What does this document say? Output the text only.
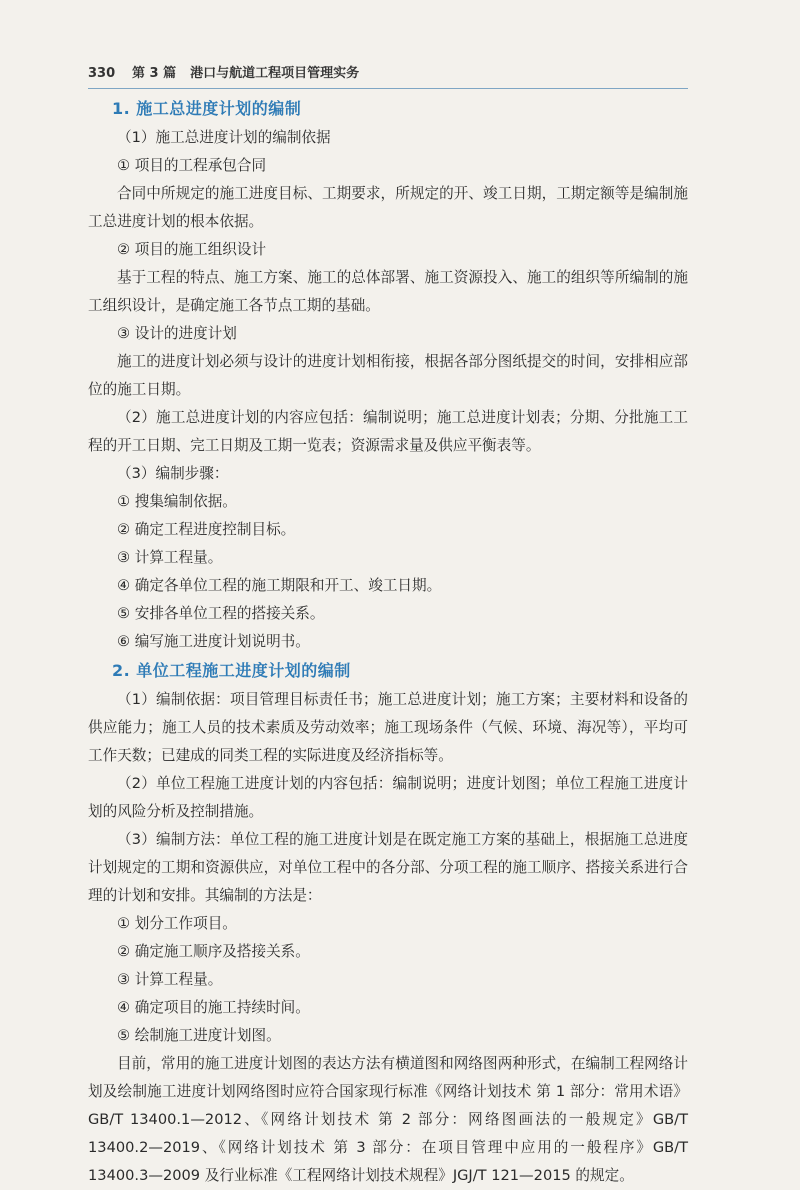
330 第 3 篇 港口与航道工程项目管理实务

1. 施工总进度计划的编制

（1）施工总进度计划的编制依据

① 项目的工程承包合同

合同中所规定的施工进度目标、工期要求，所规定的开、竣工日期，工期定额等是编制施工总进度计划的根本依据。

② 项目的施工组织设计

基于工程的特点、施工方案、施工的总体部署、施工资源投入、施工的组织等所编制的施工组织设计，是确定施工各节点工期的基础。

③ 设计的进度计划

施工的进度计划必须与设计的进度计划相衔接，根据各部分图纸提交的时间，安排相应部位的施工日期。

（2）施工总进度计划的内容应包括：编制说明；施工总进度计划表；分期、分批施工工程的开工日期、完工日期及工期一览表；资源需求量及供应平衡表等。

（3）编制步骤：

① 搜集编制依据。

② 确定工程进度控制目标。

③ 计算工程量。

④ 确定各单位工程的施工期限和开工、竣工日期。

⑤ 安排各单位工程的搭接关系。

⑥ 编写施工进度计划说明书。

2. 单位工程施工进度计划的编制

（1）编制依据：项目管理目标责任书；施工总进度计划；施工方案；主要材料和设备的供应能力；施工人员的技术素质及劳动效率；施工现场条件（气候、环境、海况等），平均可工作天数；已建成的同类工程的实际进度及经济指标等。

（2）单位工程施工进度计划的内容包括：编制说明；进度计划图；单位工程施工进度计划的风险分析及控制措施。

（3）编制方法：单位工程的施工进度计划是在既定施工方案的基础上，根据施工总进度计划规定的工期和资源供应，对单位工程中的各分部、分项工程的施工顺序、搭接关系进行合理的计划和安排。其编制的方法是：

① 划分工作项目。

② 确定施工顺序及搭接关系。

③ 计算工程量。

④ 确定项目的施工持续时间。

⑤ 绘制施工进度计划图。

目前，常用的施工进度计划图的表达方法有横道图和网络图两种形式，在编制工程网络计划及绘制施工进度计划网络图时应符合国家现行标准《网络计划技术 第 1 部分：常用术语》GB/T 13400.1—2012、《网络计划技术 第 2 部分：网络图画法的一般规定》GB/T 13400.2—2019、《网络计划技术 第 3 部分：在项目管理中应用的一般程序》GB/T 13400.3—2009 及行业标准《工程网络计划技术规程》JGJ/T 121—2015 的规定。
